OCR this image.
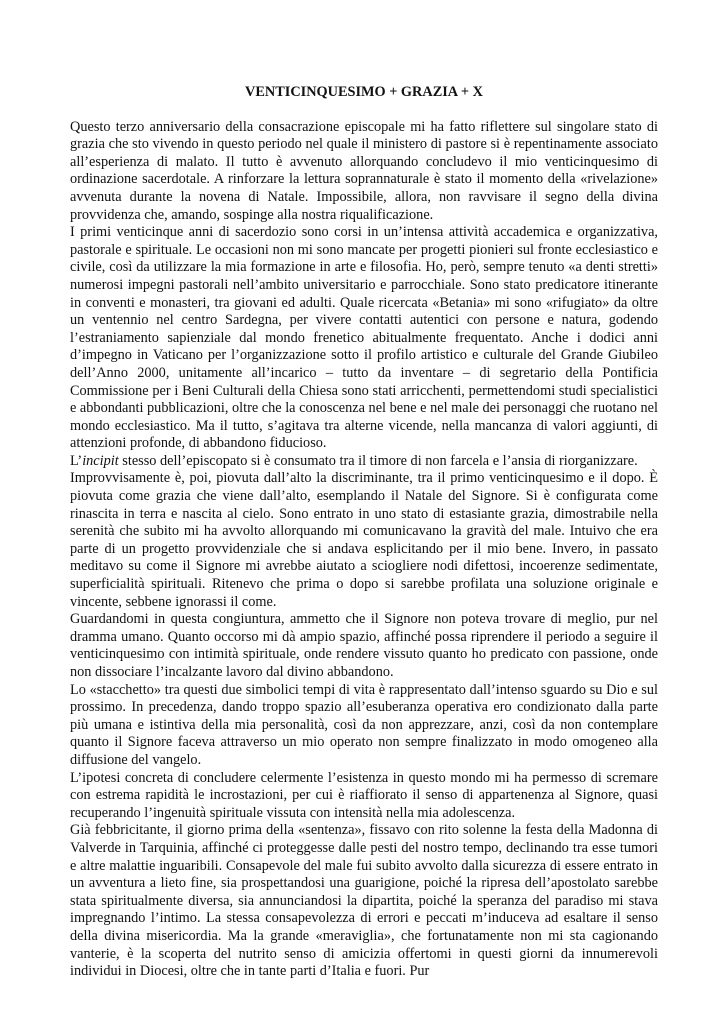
VENTICINQUESIMO + GRAZIA + X

Questo terzo anniversario della consacrazione episcopale mi ha fatto riflettere sul singolare stato di grazia che sto vivendo in questo periodo nel quale il ministero di pastore si è repentinamente associato all’esperienza di malato. Il tutto è avvenuto allorquando concludevo il mio venticinquesimo di ordinazione sacerdotale. A rinforzare la lettura soprannaturale è stato il momento della «rivelazione» avvenuta durante la novena di Natale. Impossibile, allora, non ravvisare il segno della divina provvidenza che, amando, sospinge alla nostra riqualificazione.

I primi venticinque anni di sacerdozio sono corsi in un’intensa attività accademica e organizzativa, pastorale e spirituale. Le occasioni non mi sono mancate per progetti pionieri sul fronte ecclesiastico e civile, così da utilizzare la mia formazione in arte e filosofia. Ho, però, sempre tenuto «a denti stretti» numerosi impegni pastorali nell’ambito universitario e parrocchiale. Sono stato predicatore itinerante in conventi e monasteri, tra giovani ed adulti. Quale ricercata «Betania» mi sono «rifugiato» da oltre un ventennio nel centro Sardegna, per vivere contatti autentici con persone e natura, godendo l’estraniamento sapienziale dal mondo frenetico abitualmente frequentato. Anche i dodici anni d’impegno in Vaticano per l’organizzazione sotto il profilo artistico e culturale del Grande Giubileo dell’Anno 2000, unitamente all’incarico – tutto da inventare – di segretario della Pontificia Commissione per i Beni Culturali della Chiesa sono stati arricchenti, permettendomi studi specialistici e abbondanti pubblicazioni, oltre che la conoscenza nel bene e nel male dei personaggi che ruotano nel mondo ecclesiastico. Ma il tutto, s’agitava tra alterne vicende, nella mancanza di valori aggiunti, di attenzioni profonde, di abbandono fiducioso.

L’incipit stesso dell’episcopato si è consumato tra il timore di non farcela e l’ansia di riorganizzare.

Improvvisamente è, poi, piovuta dall’alto la discriminante, tra il primo venticinquesimo e il dopo. È piovuta come grazia che viene dall’alto, esemplando il Natale del Signore. Si è configurata come rinascita in terra e nascita al cielo. Sono entrato in uno stato di estasiante grazia, dimostrabile nella serenità che subito mi ha avvolto allorquando mi comunicavano la gravità del male. Intuivo che era parte di un progetto provvidenziale che si andava esplicitando per il mio bene. Invero, in passato meditavo su come il Signore mi avrebbe aiutato a sciogliere nodi difettosi, incoerenze sedimentate, superficialità spirituali. Ritenevo che prima o dopo si sarebbe profilata una soluzione originale e vincente, sebbene ignorassi il come.

Guardandomi in questa congiuntura, ammetto che il Signore non poteva trovare di meglio, pur nel dramma umano. Quanto occorso mi dà ampio spazio, affinché possa riprendere il periodo a seguire il venticinquesimo con intimità spirituale, onde rendere vissuto quanto ho predicato con passione, onde non dissociare l’incalzante lavoro dal divino abbandono.

Lo «stacchetto» tra questi due simbolici tempi di vita è rappresentato dall’intenso sguardo su Dio e sul prossimo. In precedenza, dando troppo spazio all’esuberanza operativa ero condizionato dalla parte più umana e istintiva della mia personalità, così da non apprezzare, anzi, così da non contemplare quanto il Signore faceva attraverso un mio operato non sempre finalizzato in modo omogeneo alla diffusione del vangelo.

L’ipotesi concreta di concludere celermente l’esistenza in questo mondo mi ha permesso di scremare con estrema rapidità le incrostazioni, per cui è riaffiorato il senso di appartenenza al Signore, quasi recuperando l’ingenuità spirituale vissuta con intensità nella mia adolescenza.

Già febbricitante, il giorno prima della «sentenza», fissavo con rito solenne la festa della Madonna di Valverde in Tarquinia, affinché ci proteggesse dalle pesti del nostro tempo, declinando tra esse tumori e altre malattie inguaribili. Consapevole del male fui subito avvolto dalla sicurezza di essere entrato in un avventura a lieto fine, sia prospettandosi una guarigione, poiché la ripresa dell’apostolato sarebbe stata spiritualmente diversa, sia annunciandosi la dipartita, poiché la speranza del paradiso mi stava impregnando l’intimo. La stessa consapevolezza di errori e peccati m’induceva ad esaltare il senso della divina misericordia. Ma la grande «meraviglia», che fortunatamente non mi sta cagionando vanterie, è la scoperta del nutrito senso di amicizia offertomi in questi giorni da innumerevoli individui in Diocesi, oltre che in tante parti d’Italia e fuori. Pur
